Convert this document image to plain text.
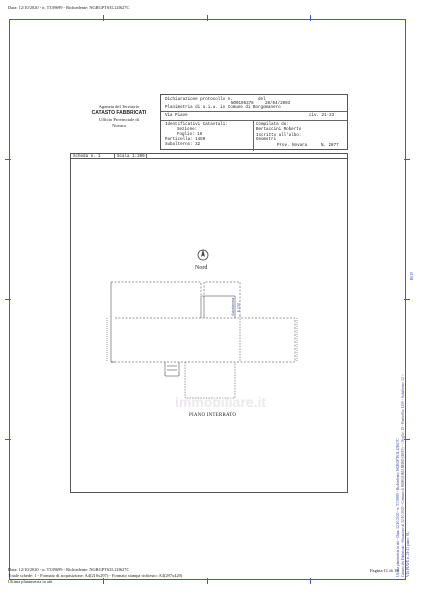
Data: 12/10/2020 - n. T339699 - Richiedente: NGRGPT63L12I627C
Agenzia del Territorio
CATASTO FABBRICATI
Ufficio Provinciale di
Novara
Dichiarazione protocollo n.	del
NO0106378	28/04/2003
Planimetria di u.i.u. in Comune di Borgomanero
Via Piave	civ. 21-23
Identificativi Catastali:
Sezione:
Foglio: 19
Particella: 1450
Subalterno: 32
Compilata da:
Bertaccini Roberto
Iscritto all'albo:
Geometri
Prov. Novara	N. 2877
Scheda n. 1	Scala 1:200
Nord
Autorimessa h 2,50
PIANO INTERRATO
immobiliare.it
Ultima planimetria in atti - Data: 12/10/2020 - n. T339699 - Richiedente: NGRGPT63L12I627C Catasto dei Fabbricati - Situazione al 12/10/2020 - Comune di BORGOMANERO (B019) - < Foglio: 19 - Particella: 1450 - Subalterno: 32 > VIA PIAVE n. 21-23 piano: S1;
B019
Data: 12/10/2020 - n. T339699 - Richiedente: NGRGPT63L12I627C
Totale schede: 1 - Formato di acquisizione: A4(210x297) - Formato stampa richiesto: A4(297x420)
Ultima planimetria in atti
Pagina 11 di 19
